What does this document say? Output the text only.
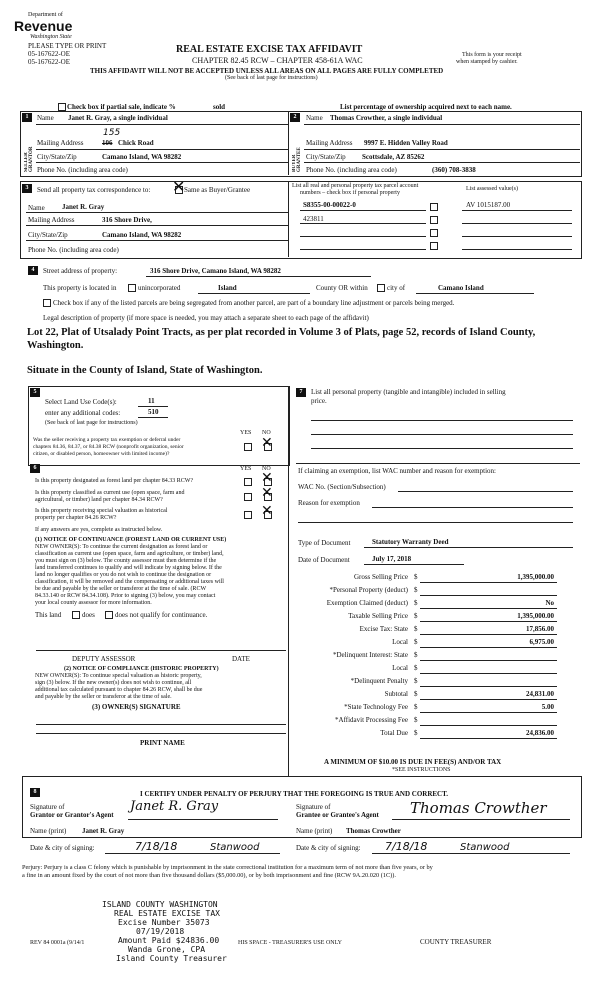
Department of
Revenue
Washington State
PLEASE TYPE OR PRINT
05-167622-OE
05-167622-OE
REAL ESTATE EXCISE TAX AFFIDAVIT
CHAPTER 82.45 RCW – CHAPTER 458-61A WAC
This form is your receipt
when stamped by cashier.
THIS AFFIDAVIT WILL NOT BE ACCEPTED UNLESS ALL AREAS ON ALL PAGES ARE FULLY COMPLETED
(See back of last page for instructions)
Check box if partial sale, indicate %	sold	List percentage of ownership acquired next to each name.
1
SELLER GRANTOR
Name Janet R. Gray, a single individual
Mailing Address
155
106 Chick Road
City/State/Zip	Camano Island, WA 98282
Phone No. (including area code)
2
BUYER GRANTEE
Name Thomas Crowther, a single individual
Mailing Address 9997 E. Hidden Valley Road
City/State/Zip Scottsdale, AZ 85262
Phone No. (including area code)	(360) 708-3838
3	Send all property tax correspondence to: ✕
Same as Buyer/Grantee
Name Janet R. Gray
Mailing Address	316 Shore Drive,
City/State/Zip	Camano Island, WA 98282
Phone No. (including area code)
List all real and personal property tax parcel account
numbers – check box if personal property
List assessed value(s)
S8355-00-00022-0	AV 1015187.00
423811
4	Street address of property:	316 Shore Drive, Camano Island, WA 98282
This property is located in	unincorporated	Island	County OR within	city of	Camano Island
Check box if any of the listed parcels are being segregated from another parcel, are part of a boundary line adjustment or parcels being merged.
Legal description of property (if more space is needed, you may attach a separate sheet to each page of the affidavit)
Lot 22, Plat of Utsalady Point Tracts, as per plat recorded in Volume 3 of Plats, page 52, records of Island County,
Washington.
Situate in the County of Island, State of Washington.
5
Select Land Use Code(s):	11
enter any additional codes:	510
(See back of last page for instructions)
YES NO
Was the seller receiving a property tax exemption or deferral under
chapters 84.36, 84.37, or 84.38 RCW (nonprofit organization, senior
citizen, or disabled person, homeowner with limited income)?
✕
6	YES NO
Is this property designated as forest land per chapter 84.33 RCW?	✕
Is this property classified as current use (open space, farm and
agricultural, or timber) land per chapter 84.34 RCW?	✕
Is this property receiving special valuation as historical
property per chapter 84.26 RCW?	✕
If any answers are yes, complete as instructed below.
(1) NOTICE OF CONTINUANCE (FOREST LAND OR CURRENT USE)
NEW OWNER(S): To continue the current designation as forest land or
classification as current use (open space, farm and agriculture, or timber) land,
you must sign on (3) below. The county assessor must then determine if the
land transferred continues to qualify and will indicate by signing below. If the
land no longer qualifies or you do not wish to continue the designation or
classification, it will be removed and the compensating or additional taxes will
be due and payable by the seller or transferor at the time of sale. (RCW
84.33.140 or RCW 84.34.108). Prior to signing (3) below, you may contact
your local county assessor for more information.
This land	does	does not qualify for continuance.
DEPUTY ASSESSOR	DATE
(2) NOTICE OF COMPLIANCE (HISTORIC PROPERTY)
NEW OWNER(S): To continue special valuation as historic property,
sign (3) below. If the new owner(s) does not wish to continue, all
additional tax calculated pursuant to chapter 84.26 RCW, shall be due
and payable by the seller or transferor at the time of sale.
(3) OWNER(S) SIGNATURE
PRINT NAME
7	List all personal property (tangible and intangible) included in selling
price.
If claiming an exemption, list WAC number and reason for exemption:
WAC No. (Section/Subsection)
Reason for exemption
Type of Document	Statutory Warranty Deed
Date of Document	July 17, 2018
Gross Selling Price $	1,395,000.00
*Personal Property (deduct) $
Exemption Claimed (deduct) $	No
Taxable Selling Price $	1,395,000.00
Excise Tax: State $	17,856.00
Local $	6,975.00
*Delinquent Interest: State $
Local $
*Delinquent Penalty $
Subtotal $	24,831.00
*State Technology Fee $	5.00
*Affidavit Processing Fee $
Total Due $	24,836.00
A MINIMUM OF $10.00 IS DUE IN FEE(S) AND/OR TAX
*SEE INSTRUCTIONS
8	I CERTIFY UNDER PENALTY OF PERJURY THAT THE FOREGOING IS TRUE AND CORRECT.
Signature of
Grantor or Grantor's Agent
Janet R. Gray
Name (print) Janet R. Gray
Date & city of signing:	7/18/18	Stanwood
Signature of
Grantee or Grantee's Agent Thomas Crowther
Name (print) Thomas Crowther
Date & city of signing: 7/18/18	Stanwood
Perjury: Perjury is a class C felony which is punishable by imprisonment in the state correctional institution for a maximum term of not more than five years, or by
a fine in an amount fixed by the court of not more than five thousand dollars ($5,000.00), or by both imprisonment and fine (RCW 9A.20.020 (1C)).
ISLAND COUNTY WASHINGTON
REAL ESTATE EXCISE TAX
Excise Number 35073
07/19/2018
Amount Paid $24836.00
Wanda Grone, CPA
Island County Treasurer
REV 84 0001a (9/14/1	HIS SPACE - TREASURER'S USE ONLY	COUNTY TREASURER
